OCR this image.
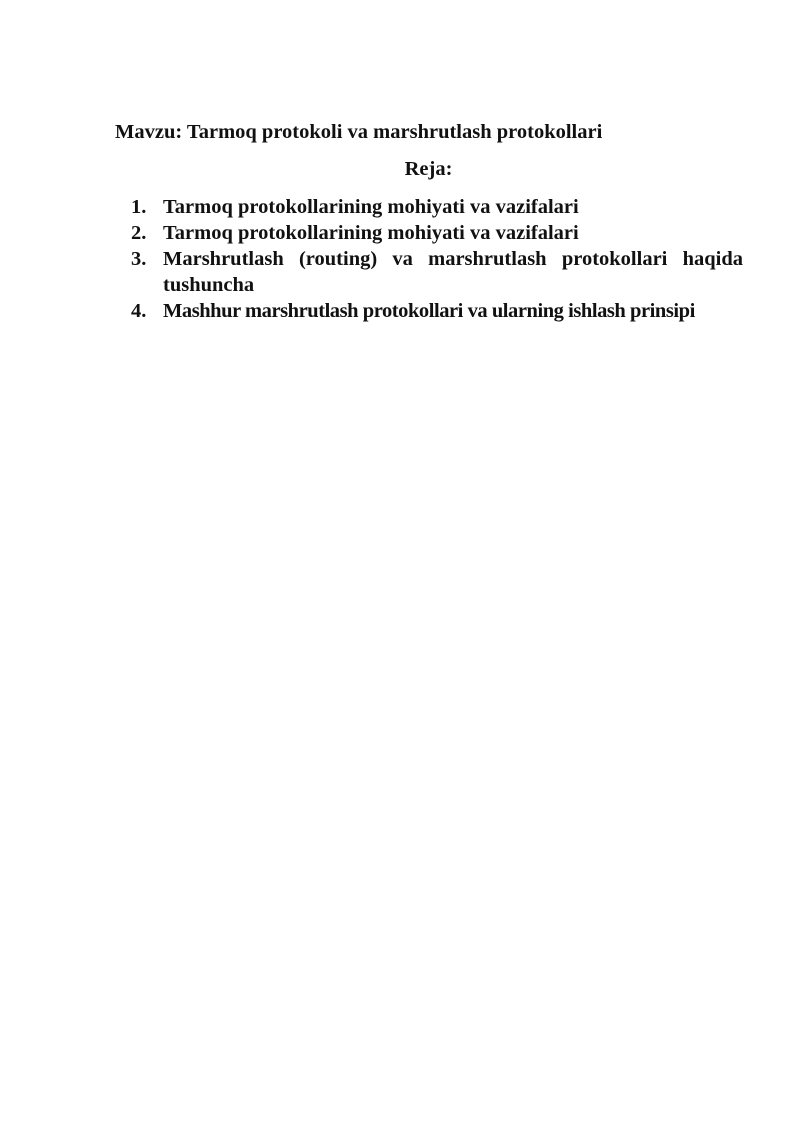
Mavzu: Tarmoq protokoli va marshrutlash protokollari
Reja:
1. Tarmoq protokollarining mohiyati va vazifalari
2. Tarmoq protokollarining mohiyati va vazifalari
3. Marshrutlash (routing) va marshrutlash protokollari haqida tushuncha
4. Mashhur marshrutlash protokollari va ularning ishlash prinsipi
